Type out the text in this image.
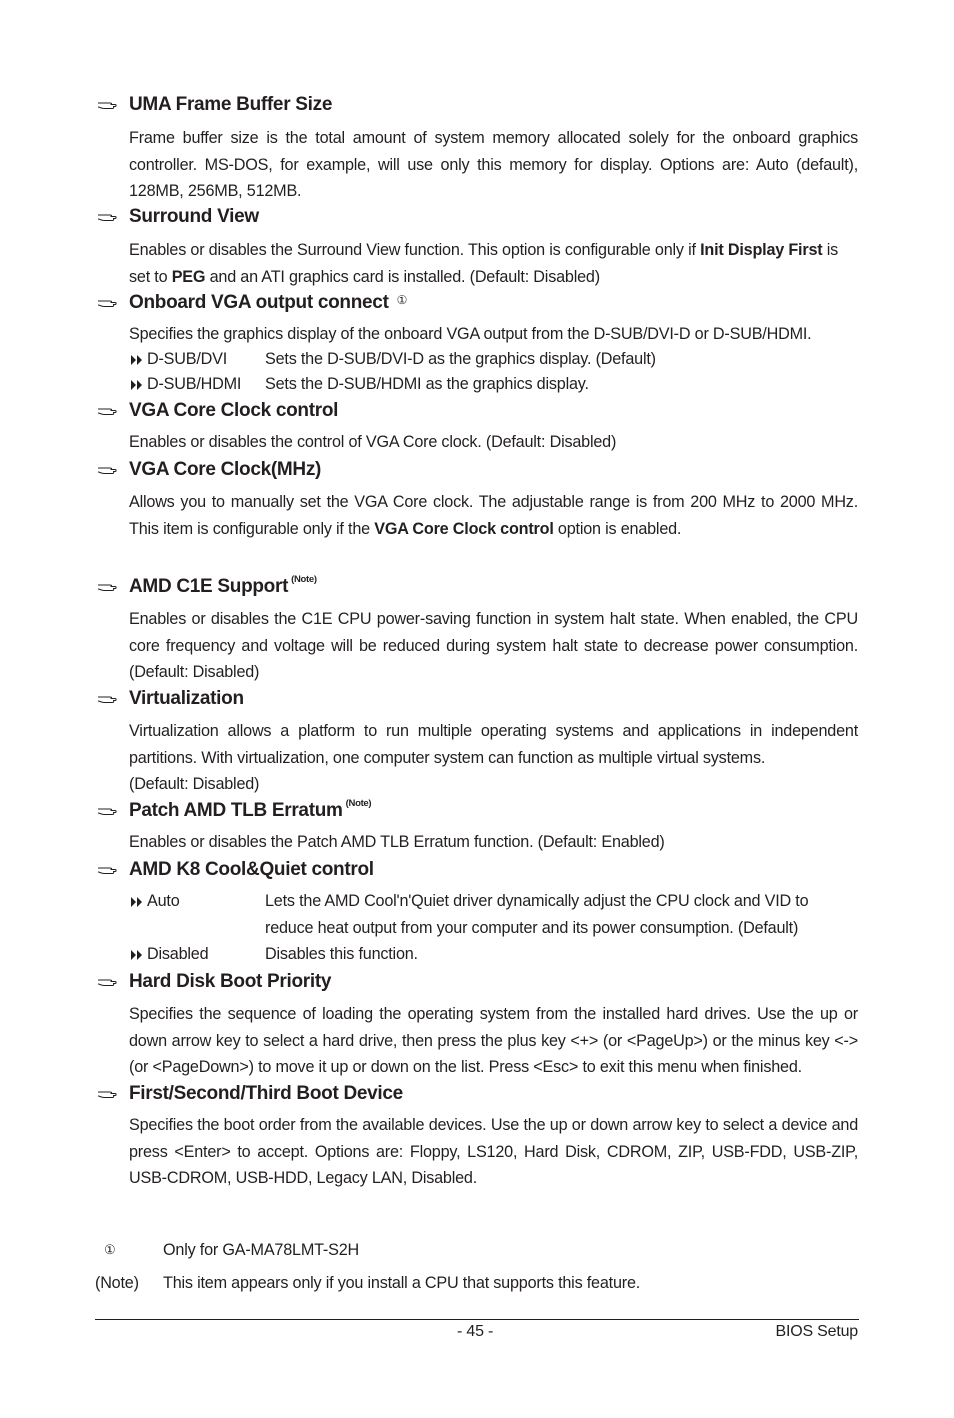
UMA Frame Buffer Size
Frame buffer size is the total amount of system memory allocated solely for the onboard graphics controller. MS-DOS, for example, will use only this memory for display. Options are: Auto (default), 128MB, 256MB, 512MB.
Surround View
Enables or disables the Surround View function. This option is configurable only if Init Display First is set to PEG and an ATI graphics card is installed. (Default: Disabled)
Onboard VGA output connect ①
Specifies the graphics display of the onboard VGA output from the D-SUB/DVI-D or D-SUB/HDMI.
D-SUB/DVI Sets the D-SUB/DVI-D as the graphics display. (Default)
D-SUB/HDMI Sets the D-SUB/HDMI as the graphics display.
VGA Core Clock control
Enables or disables the control of VGA Core clock. (Default: Disabled)
VGA Core Clock(MHz)
Allows you to manually set the VGA Core clock. The adjustable range is from 200 MHz to 2000 MHz. This item is configurable only if the VGA Core Clock control option is enabled.
AMD C1E Support $^{(Note)}$
Enables or disables the C1E CPU power-saving function in system halt state. When enabled, the CPU core frequency and voltage will be reduced during system halt state to decrease power consumption. (Default: Disabled)
Virtualization
Virtualization allows a platform to run multiple operating systems and applications in independent partitions. With virtualization, one computer system can function as multiple virtual systems.
(Default: Disabled)
Patch AMD TLB Erratum $^{(Note)}$
Enables or disables the Patch AMD TLB Erratum function. (Default: Enabled)
AMD K8 Cool&Quiet control
Auto	Lets the AMD Cool'n'Quiet driver dynamically adjust the CPU clock and VID to reduce heat output from your computer and its power consumption. (Default)
Disabled	Disables this function.
Hard Disk Boot Priority
Specifies the sequence of loading the operating system from the installed hard drives. Use the up or down arrow key to select a hard drive, then press the plus key <+> (or <PageUp>) or the minus key <-> (or <PageDown>) to move it up or down on the list. Press <Esc> to exit this menu when finished.
First/Second/Third Boot Device
Specifies the boot order from the available devices. Use the up or down arrow key to select a device and press <Enter> to accept. Options are: Floppy, LS120, Hard Disk, CDROM, ZIP, USB-FDD, USB-ZIP, USB-CDROM, USB-HDD, Legacy LAN, Disabled.
①	Only for GA-MA78LMT-S2H
(Note) This item appears only if you install a CPU that supports this feature.
- 45 -	BIOS Setup
